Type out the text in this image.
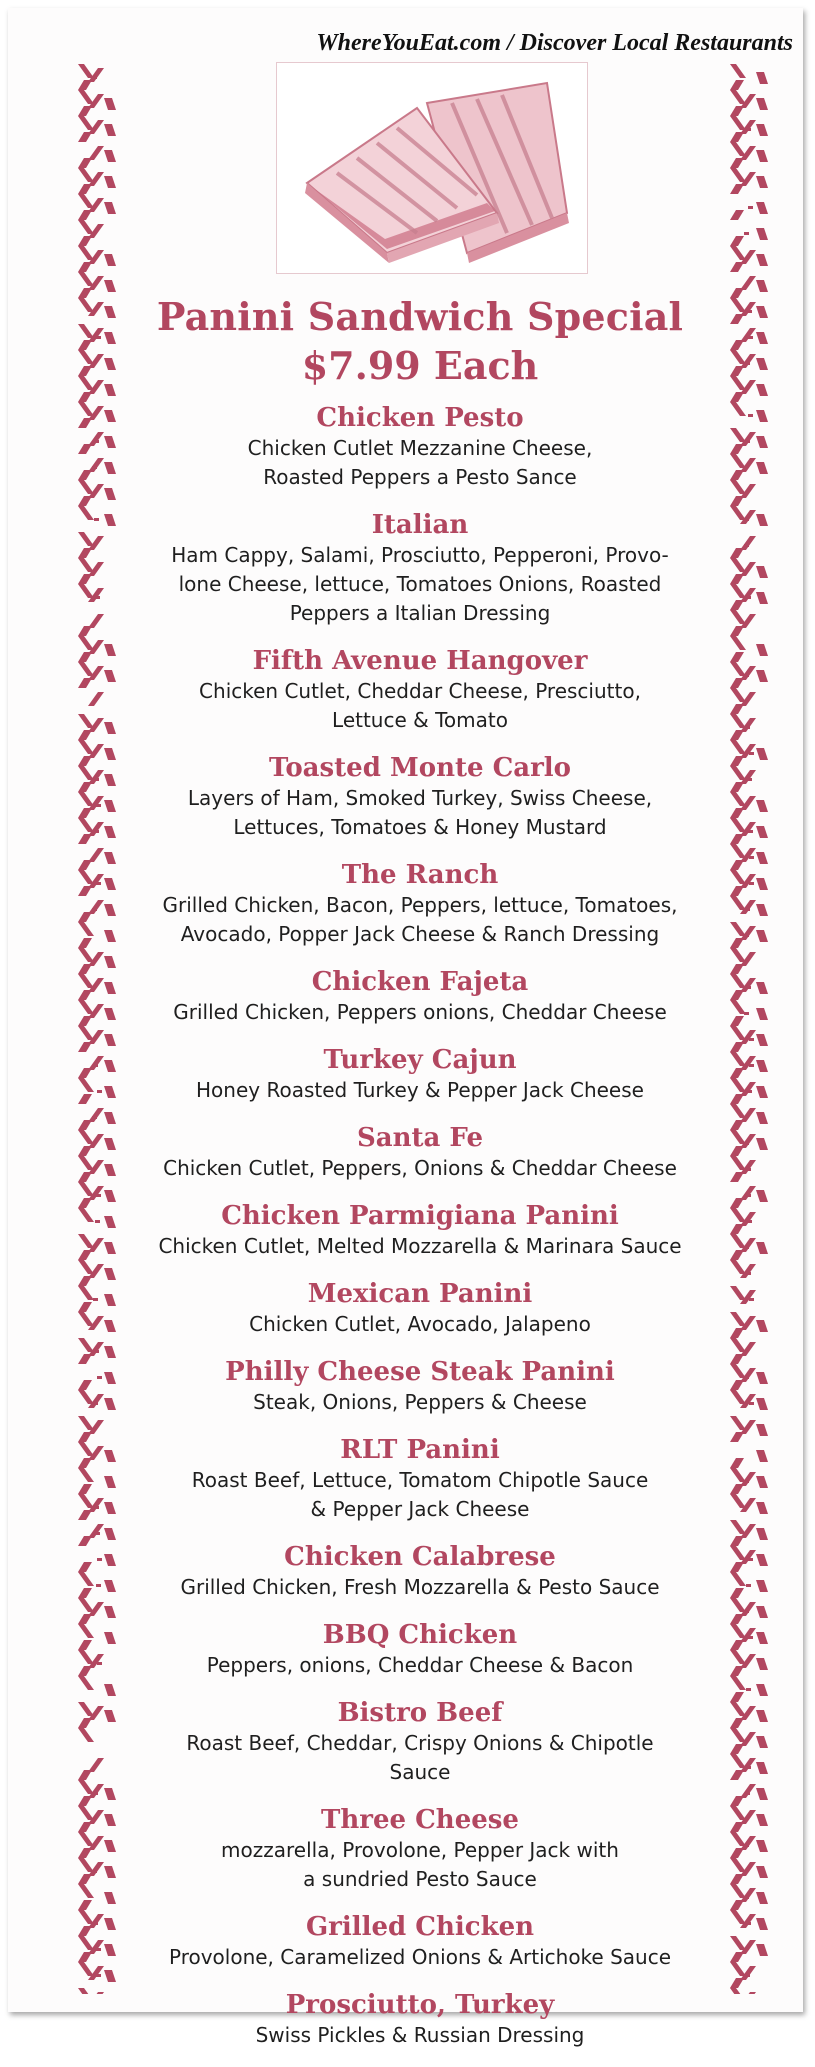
WhereYouEat.com / Discover Local Restaurants
Panini Sandwich Special
$7.99 Each
Chicken Pesto
Chicken Cutlet Mezzanine Cheese,
Roasted Peppers a Pesto Sance
Italian
Ham Cappy, Salami, Prosciutto, Pepperoni, Provo-
lone Cheese, lettuce, Tomatoes Onions, Roasted
Peppers a Italian Dressing
Fifth Avenue Hangover
Chicken Cutlet, Cheddar Cheese, Presciutto,
Lettuce & Tomato
Toasted Monte Carlo
Layers of Ham, Smoked Turkey, Swiss Cheese,
Lettuces, Tomatoes & Honey Mustard
The Ranch
Grilled Chicken, Bacon, Peppers, lettuce, Tomatoes,
Avocado, Popper Jack Cheese & Ranch Dressing
Chicken Fajeta
Grilled Chicken, Peppers onions, Cheddar Cheese
Turkey Cajun
Honey Roasted Turkey & Pepper Jack Cheese
Santa Fe
Chicken Cutlet, Peppers, Onions & Cheddar Cheese
Chicken Parmigiana Panini
Chicken Cutlet, Melted Mozzarella & Marinara Sauce
Mexican Panini
Chicken Cutlet, Avocado, Jalapeno
Philly Cheese Steak Panini
Steak, Onions, Peppers & Cheese
RLT Panini
Roast Beef, Lettuce, Tomatom Chipotle Sauce
& Pepper Jack Cheese
Chicken Calabrese
Grilled Chicken, Fresh Mozzarella & Pesto Sauce
BBQ Chicken
Peppers, onions, Cheddar Cheese & Bacon
Bistro Beef
Roast Beef, Cheddar, Crispy Onions & Chipotle
Sauce
Three Cheese
mozzarella, Provolone, Pepper Jack with
a sundried Pesto Sauce
Grilled Chicken
Provolone, Caramelized Onions & Artichoke Sauce
Prosciutto, Turkey
Swiss Pickles & Russian Dressing
